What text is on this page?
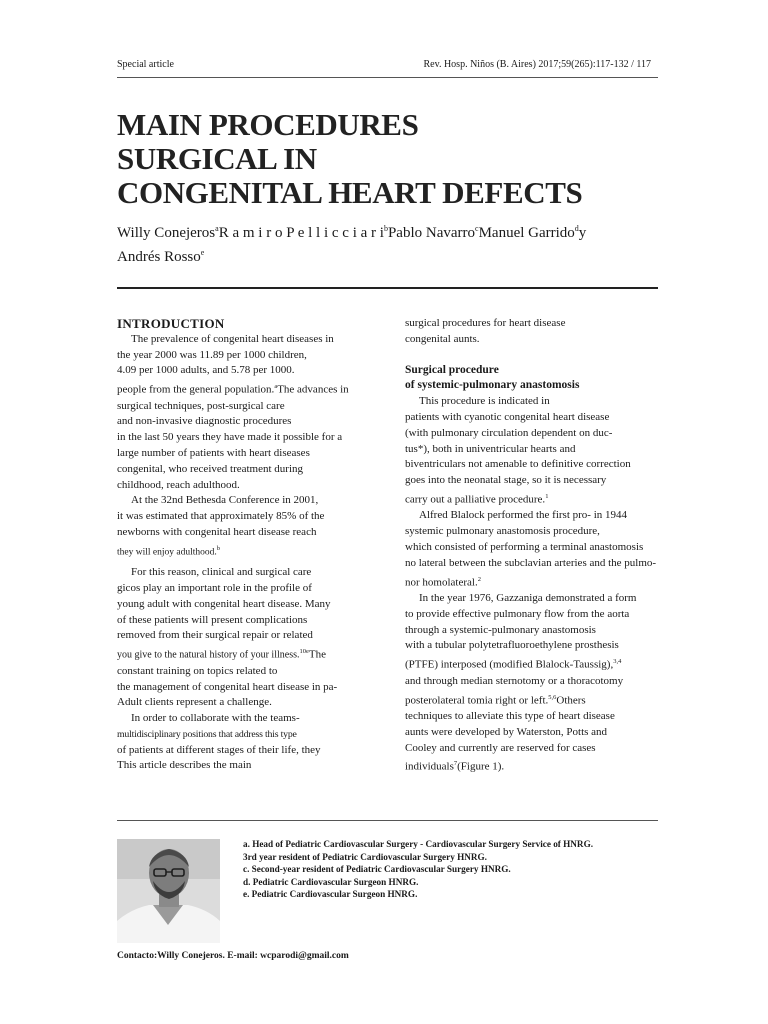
Special article	Rev. Hosp. Niños (B. Aires) 2017;59(265):117-132 / 117
MAIN PROCEDURES
SURGICAL IN
CONGENITAL HEART DEFECTS
Willy Conejeros$^a$R a m i r o P e l l i c c i a r $i^bPablo$ Navarro$^c$Manuel Garrido$^d$y
Andrés Rosso$^e$
INTRODUCTION

The prevalence of congenital heart diseases in
the year 2000 was 11.89 per 1000 children,
4.09 per 1000 adults, and 5.78 per 1000.
people from the general population.$^a$The advances in
surgical techniques, post-surgical care
and non-invasive diagnostic procedures
in the last 50 years they have made it possible for a
large number of patients with heart diseases
congenital, who received treatment during
childhood, reach adulthood.

At the 32nd Bethesda Conference in 2001,
it was estimated that approximately 85% of the
newborns with congenital heart disease reach
they will enjoy adulthood.$^b$

For this reason, clinical and surgical care
gicos play an important role in the profile of
young adult with congenital heart disease. Many
of these patients will present complications
removed from their surgical repair or related
you give to the natural history of your illness.$^{10e}$The
constant training on topics related to
the management of congenital heart disease in pa-
Adult clients represent a challenge.

In order to collaborate with the teams-
multidisciplinary positions that address this type
of patients at different stages of their life, they
This article describes the main

surgical procedures for heart disease
congenital aunts.

Surgical procedure
of systemic-pulmonary anastomosis

This procedure is indicated in
patients with cyanotic congenital heart disease
(with pulmonary circulation dependent on duc-
tus*), both in univentricular hearts and
biventriculars not amenable to definitive correction
goes into the neonatal stage, so it is necessary
carry out a palliative procedure.$^1$

Alfred Blalock performed the first pro- in 1944
systemic pulmonary anastomosis procedure,
which consisted of performing a terminal anastomosis
no lateral between the subclavian arteries and the pulmo-
nor homolateral.$^2$

In the year 1976, Gazzaniga demonstrated a form
to provide effective pulmonary flow from the aorta
through a systemic-pulmonary anastomosis
with a tubular polytetrafluoroethylene prosthesis
(PTFE) interposed (modified Blalock-Taussig),$^{3,4}$
and through median sternotomy or a thoracotomy
posterolateral tomia right or left.$^{5,6}$Others
techniques to alleviate this type of heart disease
aunts were developed by Waterston, Potts and
Cooley and currently are reserved for cases
individuals$^7$(Figure 1).

a. Head of Pediatric Cardiovascular Surgery - Cardiovascular Surgery Service of HNRG.
3rd year resident of Pediatric Cardiovascular Surgery HNRG.
c. Second-year resident of Pediatric Cardiovascular Surgery HNRG.
d. Pediatric Cardiovascular Surgeon HNRG.
e. Pediatric Cardiovascular Surgeon HNRG.
Contacto:Willy Conejeros. E-mail: wcparodi@gmail.com
